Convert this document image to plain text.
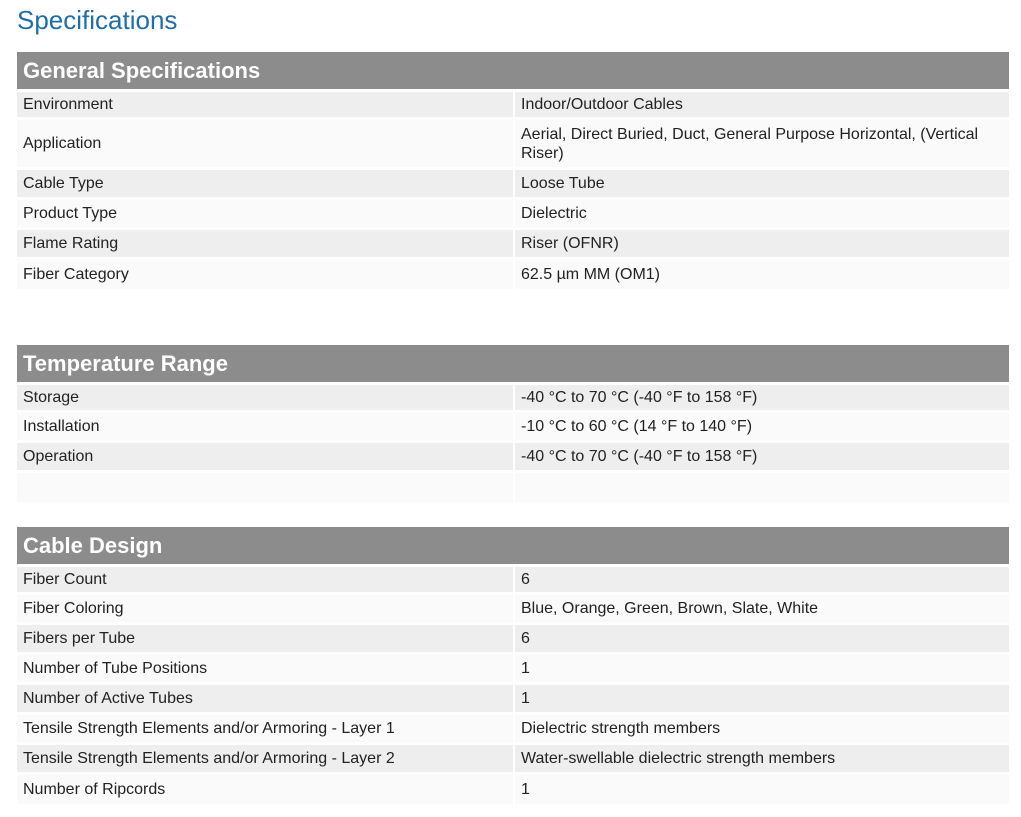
Specifications
General Specifications
Environment	Indoor/Outdoor Cables
Application	Aerial, Direct Buried, Duct, General Purpose Horizontal, (Vertical Riser)
Cable Type	Loose Tube
Product Type	Dielectric
Flame Rating	Riser (OFNR)
Fiber Category	62.5 µm MM (OM1)
Temperature Range
Storage	-40 °C to 70 °C (-40 °F to 158 °F)
Installation	-10 °C to 60 °C (14 °F to 140 °F)
Operation	-40 °C to 70 °C (-40 °F to 158 °F)

Cable Design
Fiber Count	6
Fiber Coloring	Blue, Orange, Green, Brown, Slate, White
Fibers per Tube	6
Number of Tube Positions	1
Number of Active Tubes	1
Tensile Strength Elements and/or Armoring - Layer 1	Dielectric strength members
Tensile Strength Elements and/or Armoring - Layer 2	Water-swellable dielectric strength members
Number of Ripcords	1
